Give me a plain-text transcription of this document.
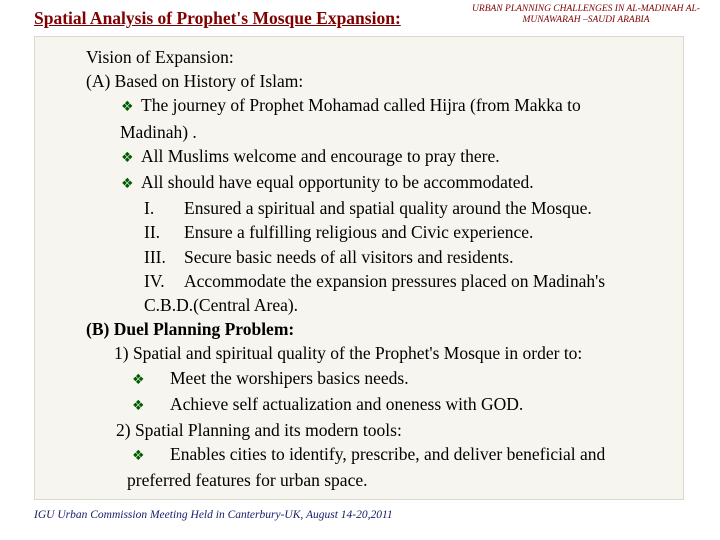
Spatial Analysis of Prophet's Mosque Expansion:	URBAN PLANNING CHALLENGES IN AL-MADINAH AL-
MUNAWARAH –SAUDI ARABIA
Vision of Expansion:
(A) Based on History of Islam:
❖ The journey of Prophet Mohamad called Hijra (from Makka to
Madinah) .
❖ All Muslims welcome and encourage to pray there.
❖ All should have equal opportunity to be accommodated.
I. Ensured a spiritual and spatial quality around the Mosque.
II. Ensure a fulfilling religious and Civic experience.
III. Secure basic needs of all visitors and residents.
IV. Accommodate the expansion pressures placed on Madinah's
C.B.D.(Central Area).
(B) Duel Planning Problem:
1) Spatial and spiritual quality of the Prophet's Mosque in order to:
❖ Meet the worshipers basics needs.
❖ Achieve self actualization and oneness with GOD.
2) Spatial Planning and its modern tools:
❖ Enables cities to identify, prescribe, and deliver beneficial and
preferred features for urban space.
IGU Urban Commission Meeting Held in Canterbury-UK, August 14-20,2011
